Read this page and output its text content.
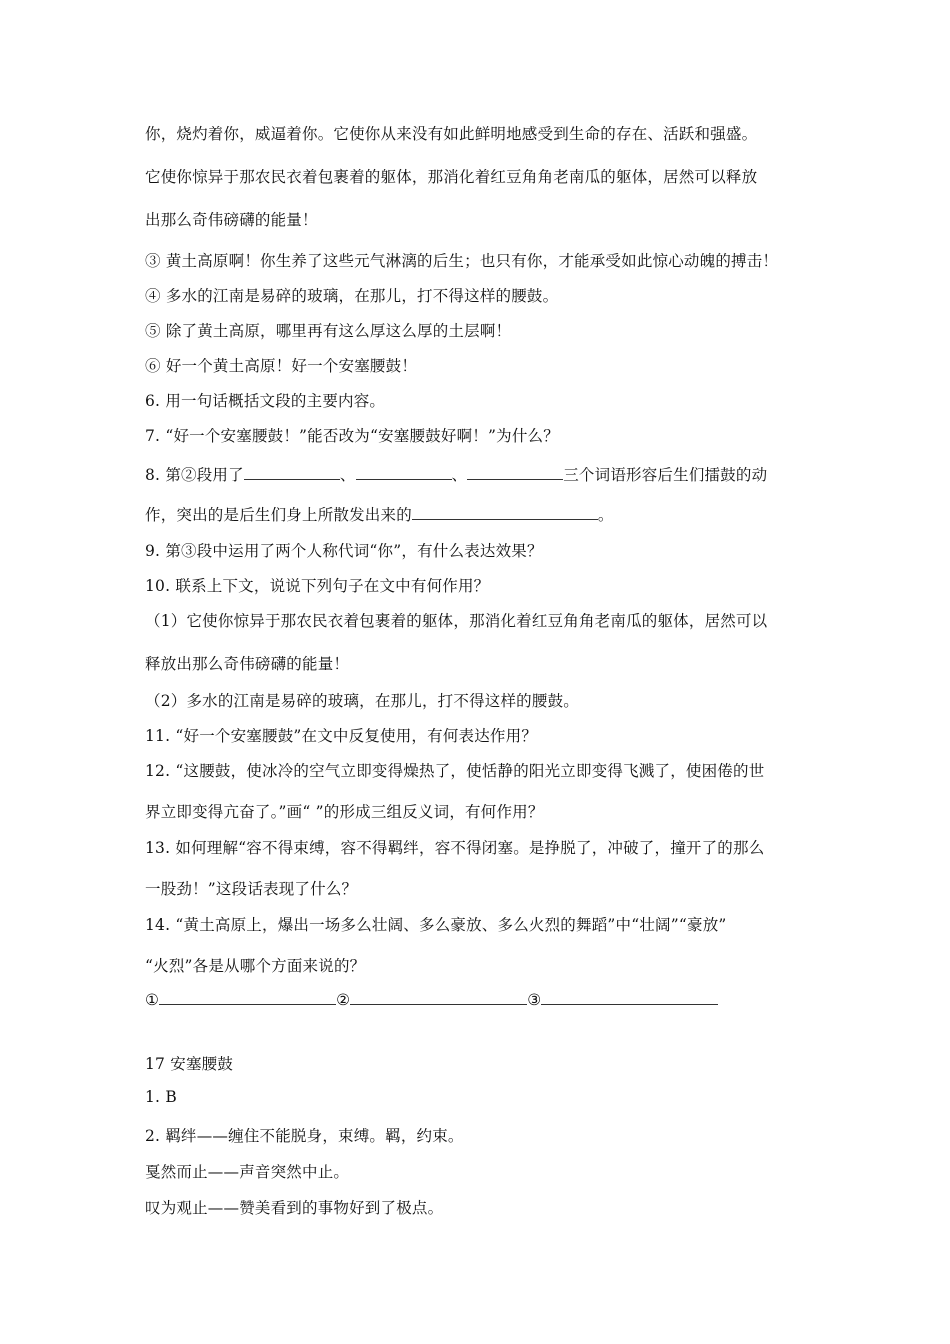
你，烧灼着你，威逼着你。它使你从来没有如此鲜明地感受到生命的存在、活跃和强盛。
它使你惊异于那农民衣着包裹着的躯体，那消化着红豆角角老南瓜的躯体，居然可以释放
出那么奇伟磅礴的能量！
③ 黄土高原啊！你生养了这些元气淋漓的后生；也只有你，才能承受如此惊心动魄的搏击！
④ 多水的江南是易碎的玻璃，在那儿，打不得这样的腰鼓。
⑤ 除了黄土高原，哪里再有这么厚这么厚的土层啊！
⑥ 好一个黄土高原！好一个安塞腰鼓！
6. 用一句话概括文段的主要内容。
7. “好一个安塞腰鼓！”能否改为“安塞腰鼓好啊！”为什么？
8. 第②段用了	、	、	三个词语形容后生们擂鼓的动
作，突出的是后生们身上所散发出来的	。
9. 第③段中运用了两个人称代词“你”，有什么表达效果？
10. 联系上下文，说说下列句子在文中有何作用？
（1）它使你惊异于那农民衣着包裹着的躯体，那消化着红豆角角老南瓜的躯体，居然可以
释放出那么奇伟磅礴的能量！
（2）多水的江南是易碎的玻璃，在那儿，打不得这样的腰鼓。
11. “好一个安塞腰鼓”在文中反复使用，有何表达作用？
12. “这腰鼓，使冰冷的空气立即变得燥热了，使恬静的阳光立即变得飞溅了，使困倦的世
界立即变得亢奋了。”画“ ”的形成三组反义词，有何作用？
13. 如何理解“容不得束缚，容不得羁绊，容不得闭塞。是挣脱了，冲破了，撞开了的那么
一股劲！”这段话表现了什么？
14. “黄土高原上，爆出一场多么壮阔、多么豪放、多么火烈的舞蹈”中“壮阔”“豪放”
“火烈”各是从哪个方面来说的？
①	②	③
17 安塞腰鼓
1. B
2. 羁绊——缠住不能脱身，束缚。羁，约束。
戛然而止——声音突然中止。
叹为观止——赞美看到的事物好到了极点。
